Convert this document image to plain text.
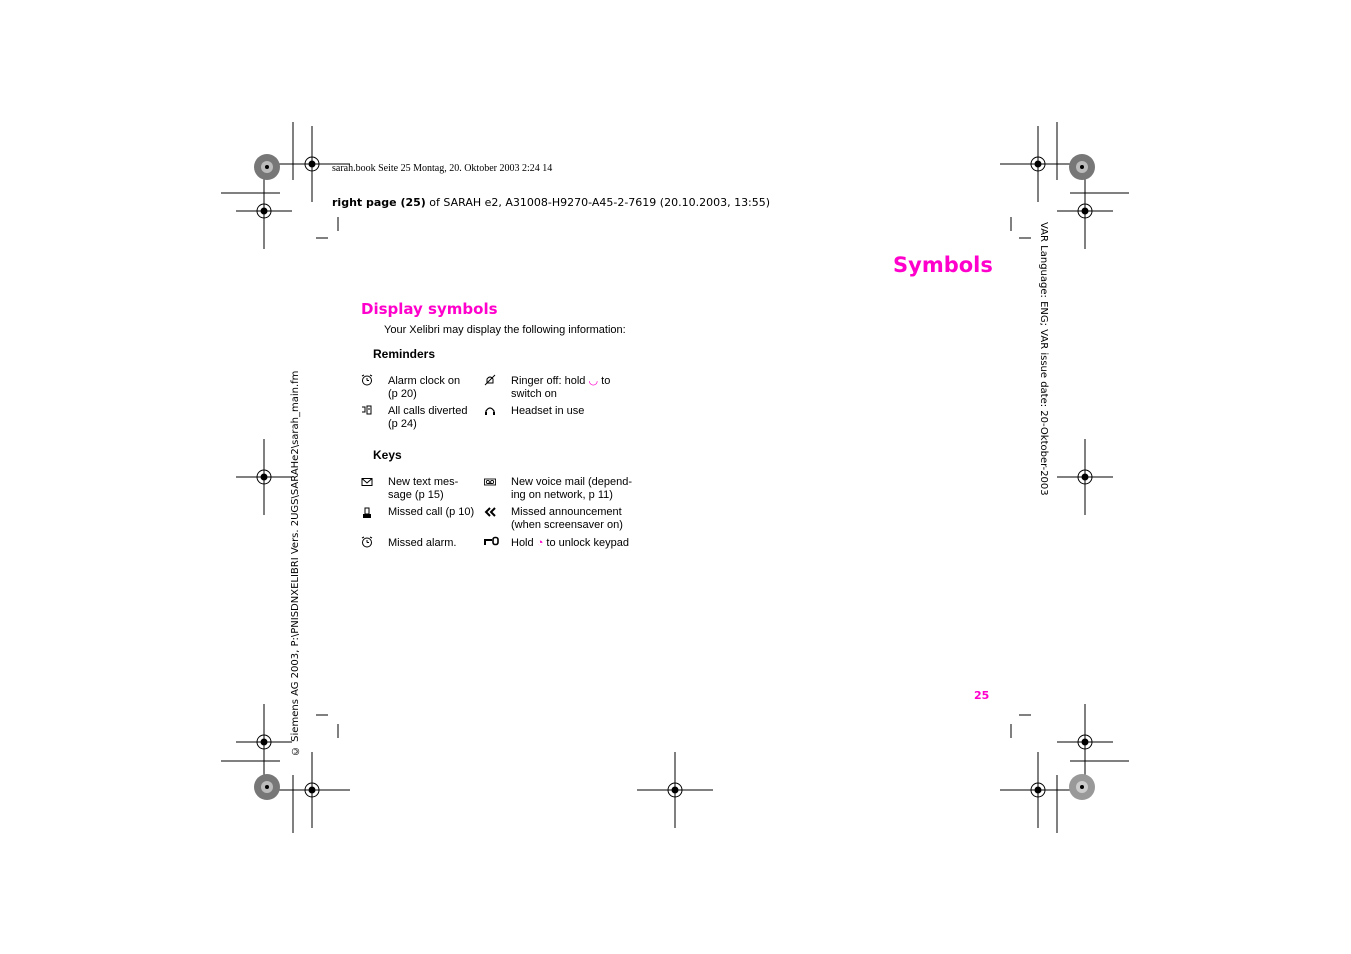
sarah.book Seite 25 Montag, 20. Oktober 2003 2:24 14
right page (25) of SARAH e2, A31008-H9270-A45-2-7619 (20.10.2003, 13:55)
Symbols
Display symbols
Your Xelibri may display the following information:
Reminders
Alarm clock on
(p 20)
Ringer off: hold ◡ to
switch on
All calls diverted
(p 24)
Headset in use
Keys
New text mes-
sage (p 15)
New voice mail (depend-
ing on network, p 11)
Missed call (p 10)	Missed announcement
(when screensaver on)
Missed alarm.	Hold ◔ to unlock keypad
25
VAR Language: ENG; VAR issue date: 20-Oktober-2003
© Siemens AG 2003, P:\PNISDNXELIBRI Vers. 2UGS\SARAHe2\sarah_main.fm
